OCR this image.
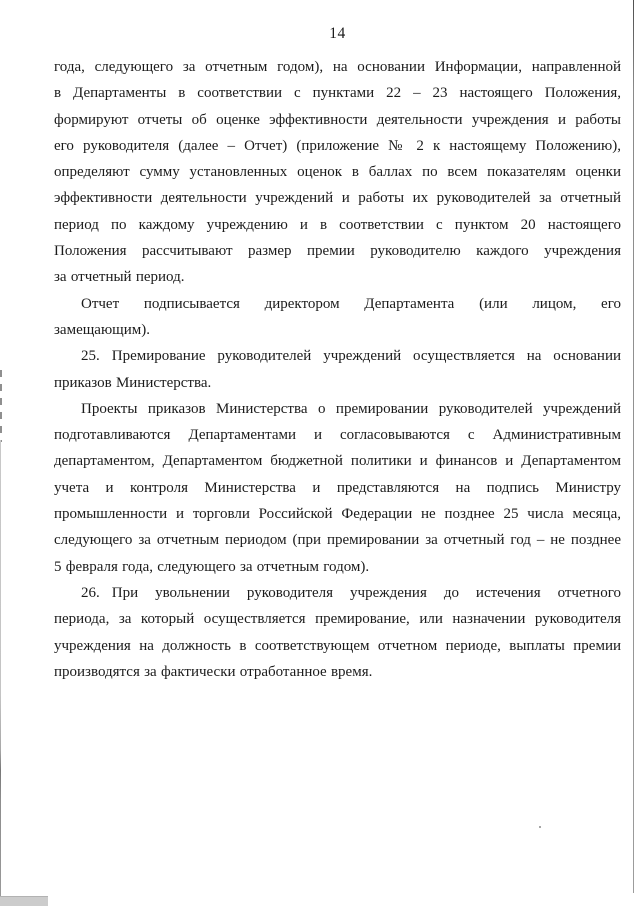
14
года, следующего за отчетным годом), на основании Информации, направленной
в Департаменты в соответствии с пунктами 22 – 23 настоящего Положения,
формируют отчеты об оценке эффективности деятельности учреждения и работы
его руководителя (далее – Отчет) (приложение № 2 к настоящему Положению),
определяют сумму установленных оценок в баллах по всем показателям оценки
эффективности деятельности учреждений и работы их руководителей за отчетный
период по каждому учреждению и в соответствии с пунктом 20 настоящего
Положения рассчитывают размер премии руководителю каждого учреждения
за отчетный период.
Отчет подписывается директором Департамента (или лицом, его
замещающим).
25. Премирование руководителей учреждений осуществляется на основании
приказов Министерства.
Проекты приказов Министерства о премировании руководителей учреждений
подготавливаются Департаментами и согласовываются с Административным
департаментом, Департаментом бюджетной политики и финансов и Департаментом
учета и контроля Министерства и представляются на подпись Министру
промышленности и торговли Российской Федерации не позднее 25 числа месяца,
следующего за отчетным периодом (при премировании за отчетный год – не позднее
5 февраля года, следующего за отчетным годом).
26. При увольнении руководителя учреждения до истечения отчетного
периода, за который осуществляется премирование, или назначении руководителя
учреждения на должность в соответствующем отчетном периоде, выплаты премии
производятся за фактически отработанное время.
